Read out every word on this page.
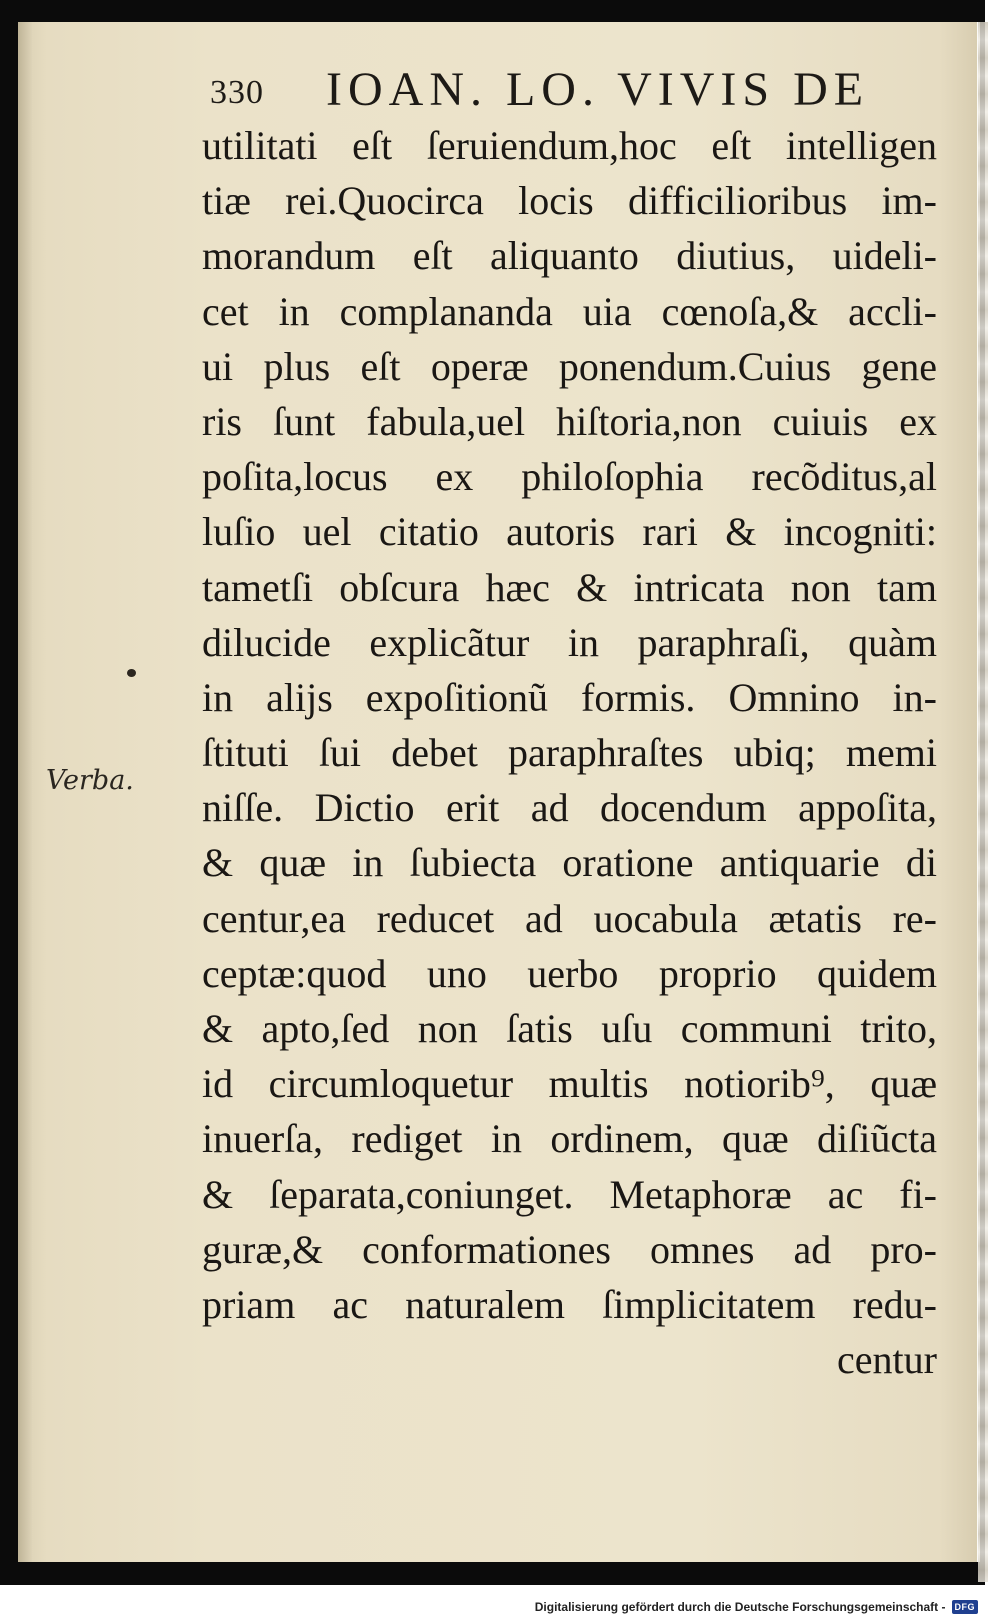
330 IOAN. LO. VIVIS DE
Verba.
utilitati eſt ſeruiendum,hoc eſt intelligen
tiæ rei.Quocirca locis difficilioribus im-
morandum eſt aliquanto diutius, uideli-
cet in complananda uia cœnoſa,& accli-
ui plus eſt operæ ponendum.Cuius gene
ris ſunt fabula,uel hiſtoria,non cuiuis ex
poſita,locus ex philoſophia recõditus,al
luſio uel citatio autoris rari & incogniti:
tametſi obſcura hæc & intricata non tam
dilucide explicãtur in paraphraſi, quàm
in alijs expoſitionũ formis. Omnino in-
ſtituti ſui debet paraphraſtes ubiq; memi
niſſe. Dictio erit ad docendum appoſita,
& quæ in ſubiecta oratione antiquarie di
centur,ea reducet ad uocabula ætatis re-
ceptæ:quod uno uerbo proprio quidem
& apto,ſed non ſatis uſu communi trito,
id circumloquetur multis notiorib⁹, quæ
inuerſa, rediget in ordinem, quæ diſiũcta
& ſeparata,coniunget. Metaphoræ ac fi-
guræ,& conformationes omnes ad pro-
priam ac naturalem ſimplicitatem redu-
centur
Digitalisierung gefördert durch die Deutsche Forschungsgemeinschaft -	DFG
